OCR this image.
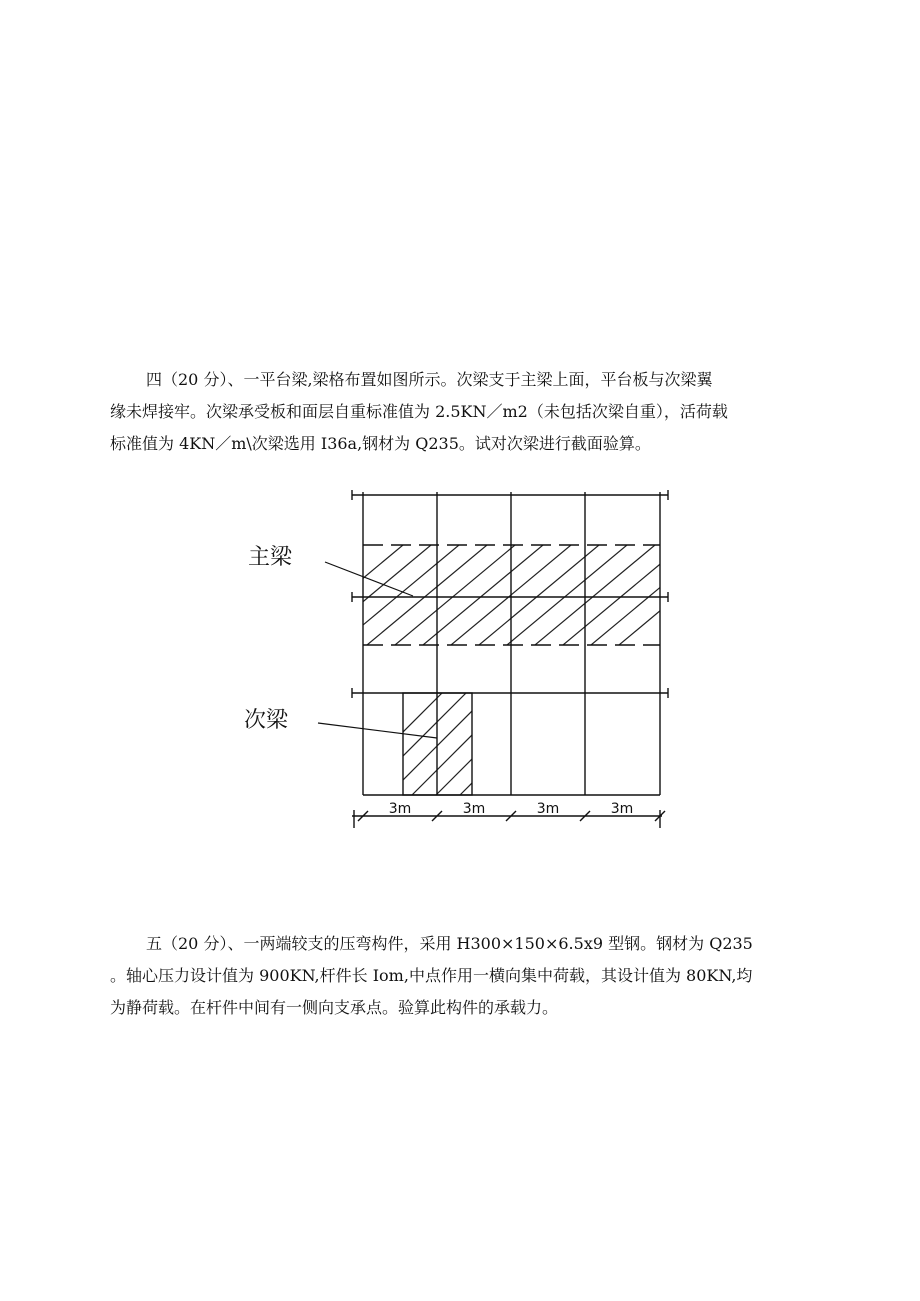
四（20 分）、一平台梁,梁格布置如图所示。次梁支于主梁上面，平台板与次梁翼
缘未焊接牢。次梁承受板和面层自重标准值为 2.5KN／m2（未包括次梁自重），活荷载
标准值为 4KN／m\次梁选用 I36a,钢材为 Q235。试对次梁进行截面验算。
主梁
次梁
3m	3m	3m	3m
五（20 分）、一两端较支的压弯构件，采用 H300×150×6.5x9 型钢。钢材为 Q235
。轴心压力设计值为 900KN,杆件长 Iom,中点作用一横向集中荷载，其设计值为 80KN,均
为静荷载。在杆件中间有一侧向支承点。验算此构件的承载力。
